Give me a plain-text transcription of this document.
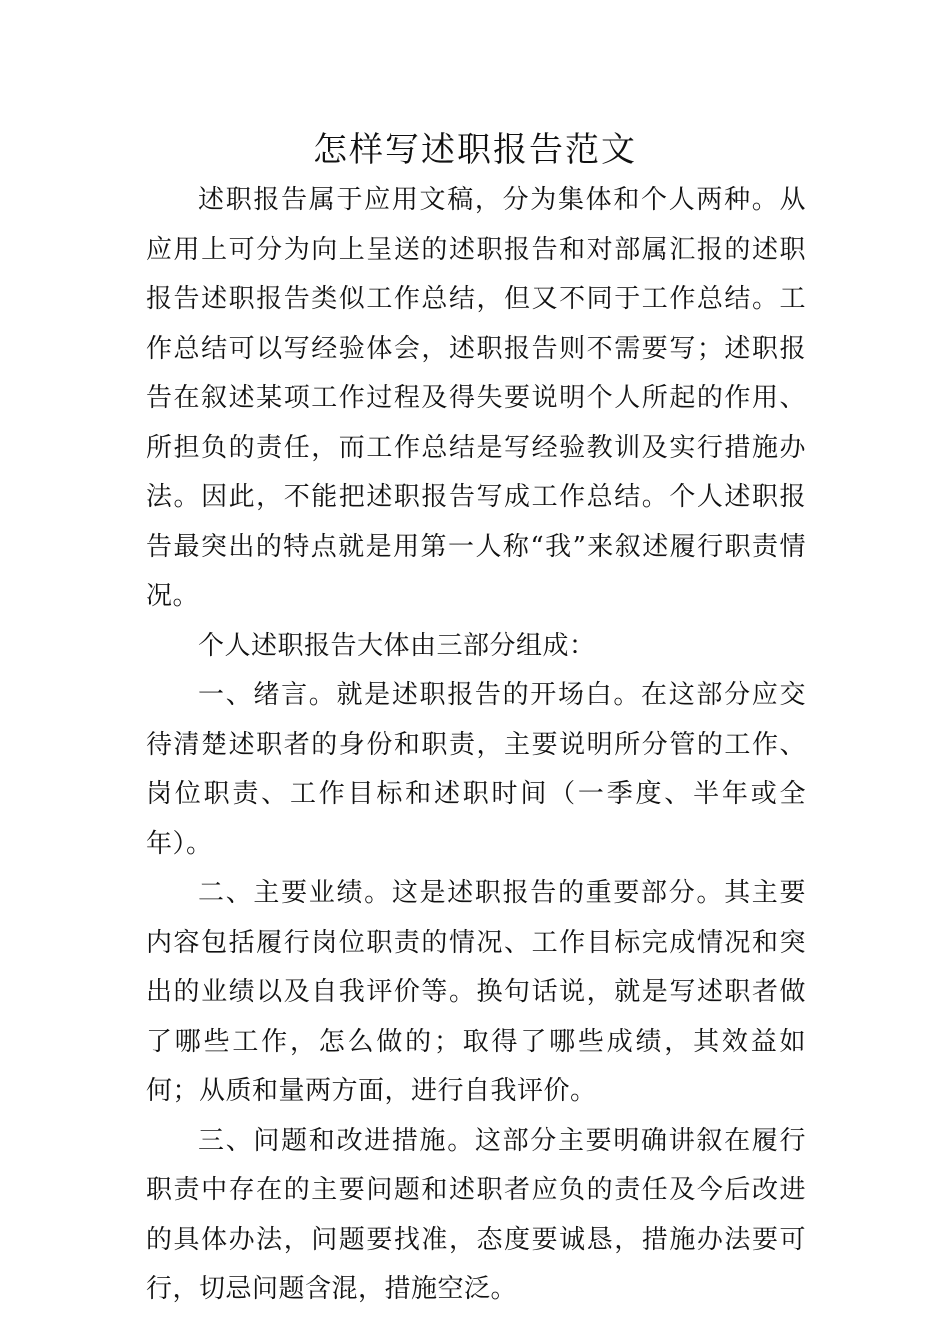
怎样写述职报告范文

述职报告属于应用文稿，分为集体和个人两种。从应用上可分为向上呈送的述职报告和对部属汇报的述职报告述职报告类似工作总结，但又不同于工作总结。工作总结可以写经验体会，述职报告则不需要写；述职报告在叙述某项工作过程及得失要说明个人所起的作用、所担负的责任，而工作总结是写经验教训及实行措施办法。因此，不能把述职报告写成工作总结。个人述职报告最突出的特点就是用第一人称“我”来叙述履行职责情况。

个人述职报告大体由三部分组成：

一、绪言。就是述职报告的开场白。在这部分应交待清楚述职者的身份和职责，主要说明所分管的工作、岗位职责、工作目标和述职时间（一季度、半年或全年）。

二、主要业绩。这是述职报告的重要部分。其主要内容包括履行岗位职责的情况、工作目标完成情况和突出的业绩以及自我评价等。换句话说，就是写述职者做了哪些工作，怎么做的；取得了哪些成绩，其效益如何；从质和量两方面，进行自我评价。

三、问题和改进措施。这部分主要明确讲叙在履行职责中存在的主要问题和述职者应负的责任及今后改进的具体办法，问题要找准，态度要诚恳，措施办法要可行，切忌问题含混，措施空泛。
